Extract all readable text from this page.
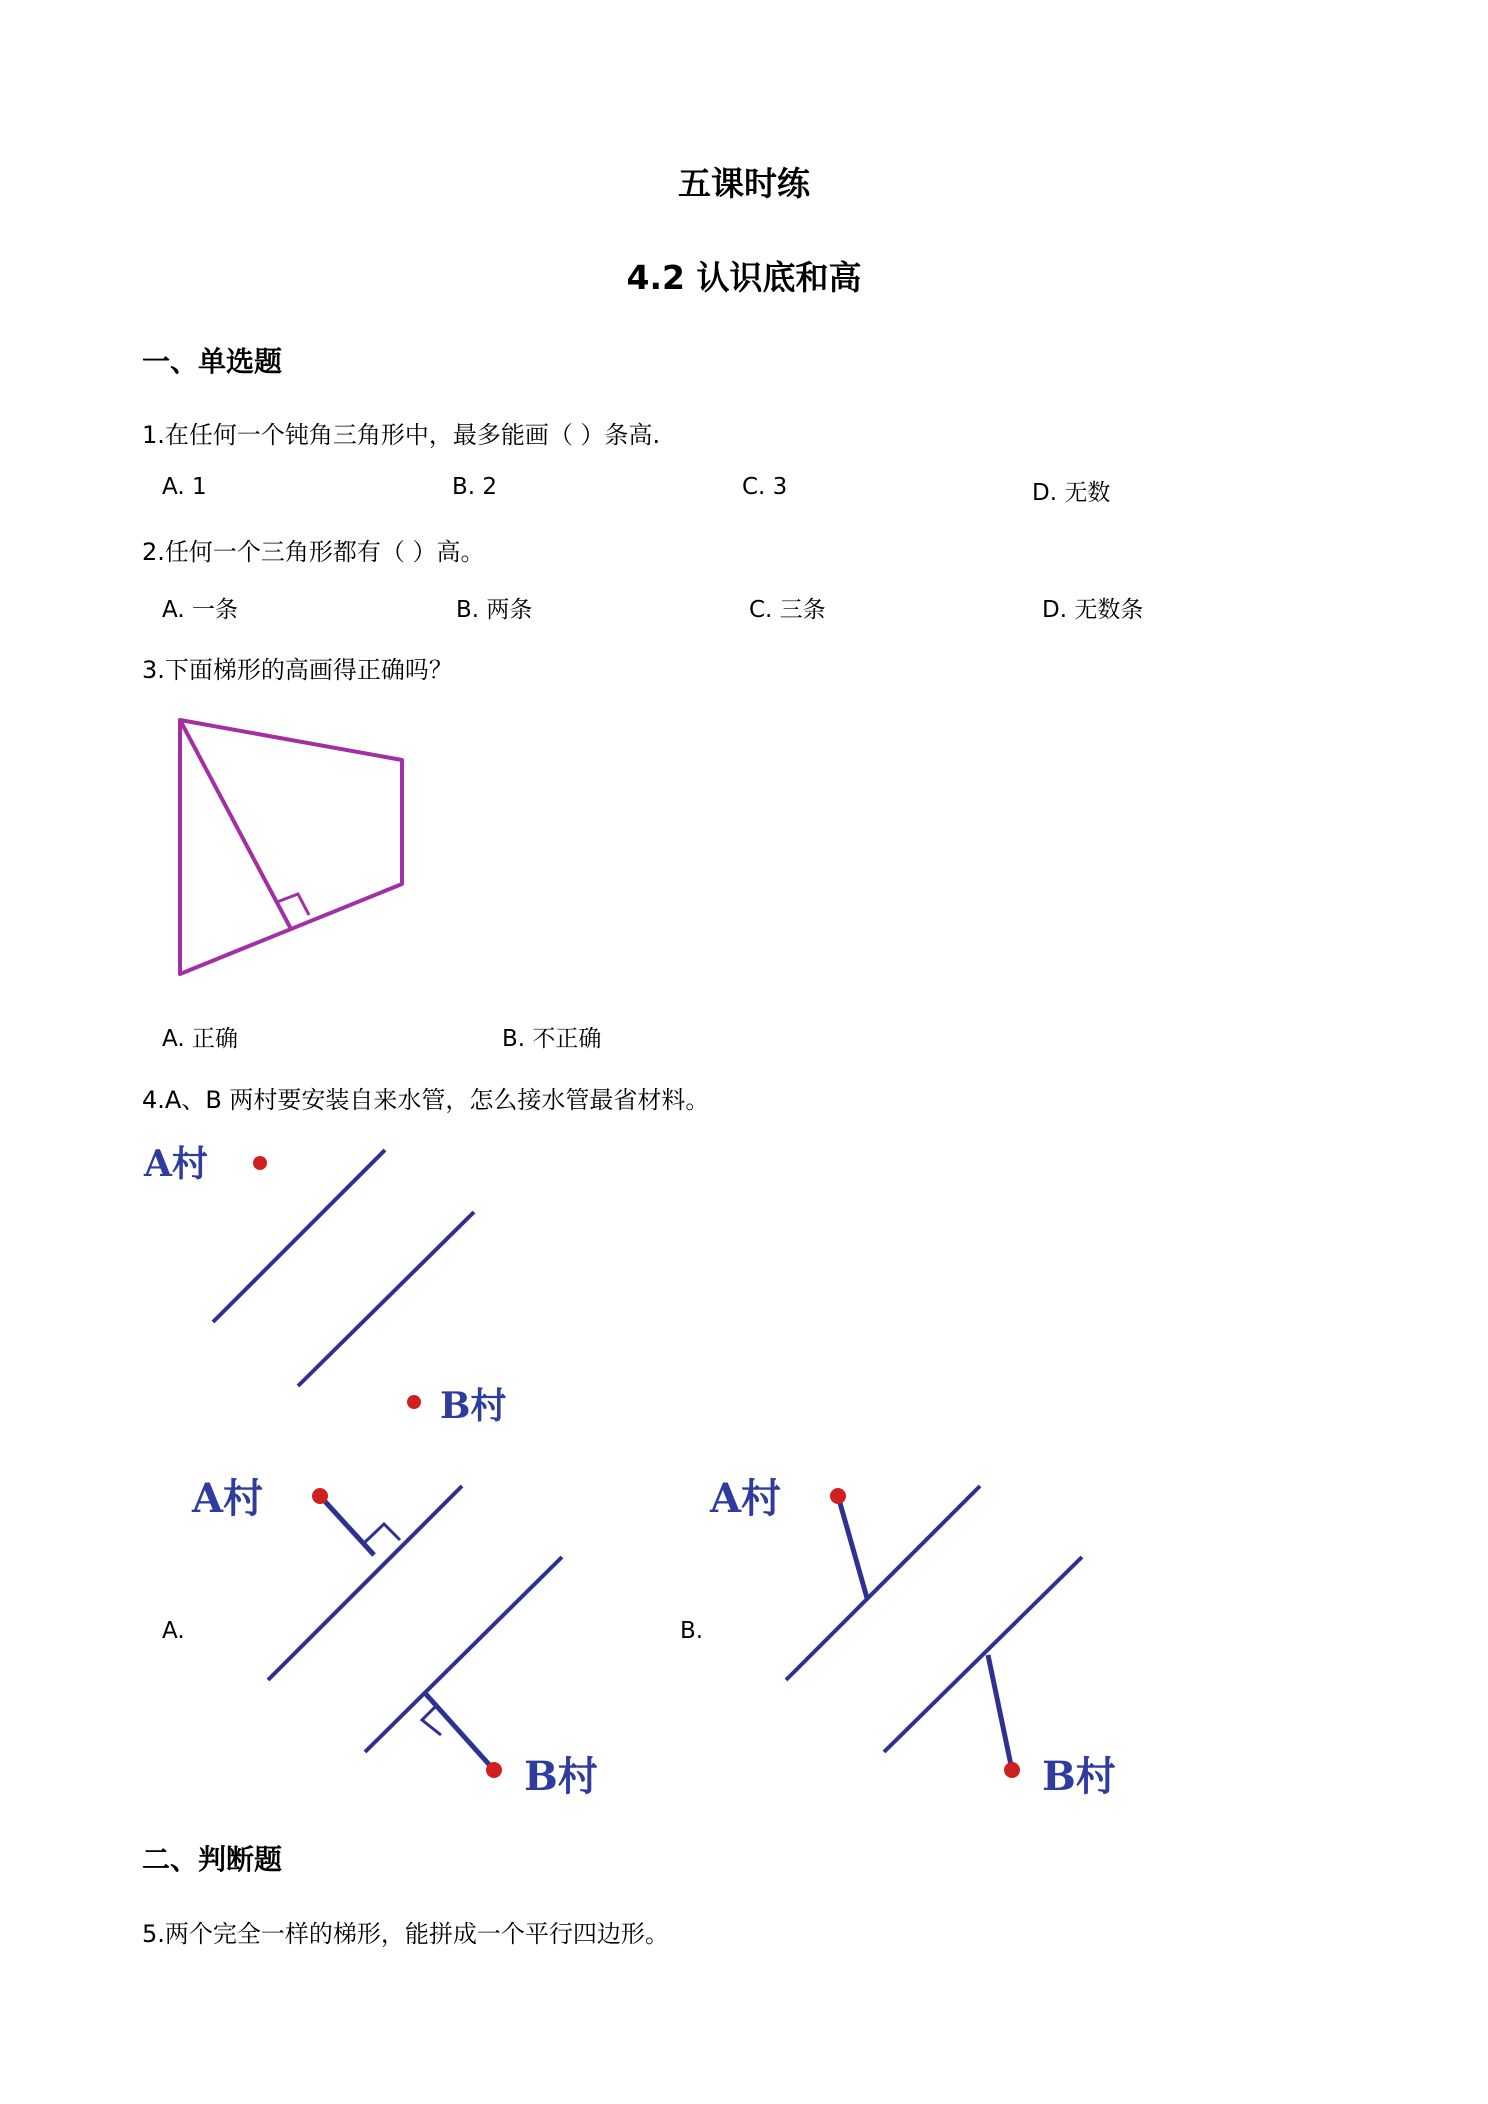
五课时练
4.2 认识底和高
一、单选题
1.在任何一个钝角三角形中，最多能画（ ）条高.
A. 1	B. 2	C. 3	D. 无数
2.任何一个三角形都有（ ）高。
A. 一条	B. 两条	C. 三条	D. 无数条
3.下面梯形的高画得正确吗？
A. 正确	B. 不正确
4.A、B 两村要安装自来水管，怎么接水管最省材料。
A村
B村
A.	B.
A村
B村
A村
B村
二、判断题
5.两个完全一样的梯形，能拼成一个平行四边形。
